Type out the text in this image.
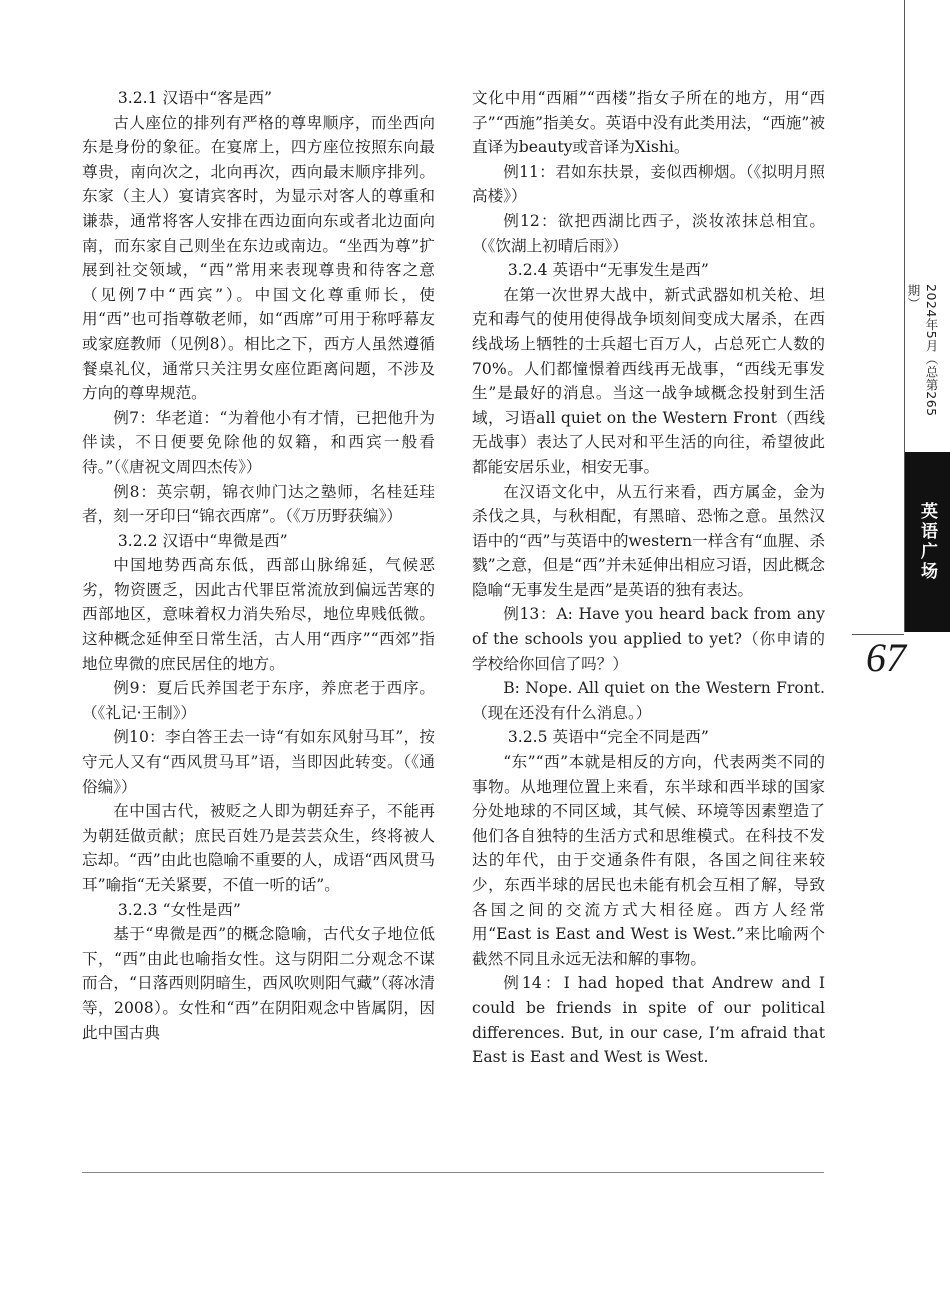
3.2.1 汉语中“客是西”

古人座位的排列有严格的尊卑顺序，而坐西向东是身份的象征。在宴席上，四方座位按照东向最尊贵，南向次之，北向再次，西向最末顺序排列。东家（主人）宴请宾客时，为显示对客人的尊重和谦恭，通常将客人安排在西边面向东或者北边面向南，而东家自己则坐在东边或南边。“坐西为尊”扩展到社交领域，“西”常用来表现尊贵和待客之意（见例7中“西宾”）。中国文化尊重师长，使用“西”也可指尊敬老师，如“西席”可用于称呼幕友或家庭教师（见例8）。相比之下，西方人虽然遵循餐桌礼仪，通常只关注男女座位距离问题，不涉及方向的尊卑规范。

例7：华老道：“为着他小有才情，已把他升为伴读，不日便要免除他的奴籍，和西宾一般看待。”（《唐祝文周四杰传》）

例8：英宗朝，锦衣帅门达之塾师，名桂廷珪者，刻一牙印曰“锦衣西席”。（《万历野获编》）

3.2.2 汉语中“卑微是西”

中国地势西高东低，西部山脉绵延，气候恶劣，物资匮乏，因此古代罪臣常流放到偏远苦寒的西部地区，意味着权力消失殆尽，地位卑贱低微。这种概念延伸至日常生活，古人用“西序”“西郊”指地位卑微的庶民居住的地方。

例9：夏后氏养国老于东序，养庶老于西序。（《礼记·王制》）

例10：李白答王去一诗“有如东风射马耳”，按守元人又有“西风贯马耳”语，当即因此转变。（《通俗编》）

在中国古代，被贬之人即为朝廷弃子，不能再为朝廷做贡献；庶民百姓乃是芸芸众生，终将被人忘却。“西”由此也隐喻不重要的人，成语“西风贯马耳”喻指“无关紧要，不值一听的话”。

3.2.3 “女性是西”

基于“卑微是西”的概念隐喻，古代女子地位低下，“西”由此也喻指女性。这与阴阳二分观念不谋而合，“日落西则阴暗生，西风吹则阳气藏”（蒋冰清 等，2008）。女性和“西”在阴阳观念中皆属阴，因此中国古典

文化中用“西厢”“西楼”指女子所在的地方，用“西子”“西施”指美女。英语中没有此类用法，“西施”被直译为beauty或音译为Xishi。

例11：君如东扶景，妾似西柳烟。（《拟明月照高楼》）

例12：欲把西湖比西子，淡妆浓抹总相宜。（《饮湖上初晴后雨》）

3.2.4 英语中“无事发生是西”

在第一次世界大战中，新式武器如机关枪、坦克和毒气的使用使得战争顷刻间变成大屠杀，在西线战场上牺牲的士兵超七百万人，占总死亡人数的70%。人们都憧憬着西线再无战事，“西线无事发生”是最好的消息。当这一战争域概念投射到生活域，习语all quiet on the Western Front（西线无战事）表达了人民对和平生活的向往，希望彼此都能安居乐业，相安无事。

在汉语文化中，从五行来看，西方属金，金为杀伐之具，与秋相配，有黑暗、恐怖之意。虽然汉语中的“西”与英语中的western一样含有“血腥、杀戮”之意，但是“西”并未延伸出相应习语，因此概念隐喻“无事发生是西”是英语的独有表达。

例13：A: Have you heard back from any of the schools you applied to yet?（你申请的学校给你回信了吗？）

B: Nope. All quiet on the Western Front.（现在还没有什么消息。）

3.2.5 英语中“完全不同是西”

“东”“西”本就是相反的方向，代表两类不同的事物。从地理位置上来看，东半球和西半球的国家分处地球的不同区域，其气候、环境等因素塑造了他们各自独特的生活方式和思维模式。在科技不发达的年代，由于交通条件有限，各国之间往来较少，东西半球的居民也未能有机会互相了解，导致各国之间的交流方式大相径庭。西方人经常用“East is East and West is West.”来比喻两个截然不同且永远无法和解的事物。

例14：I had hoped that Andrew and I could be friends in spite of our political differences. But, in our case, I’m afraid that East is East and West is West.

2024年5月（总第265期）
英语广场
67
